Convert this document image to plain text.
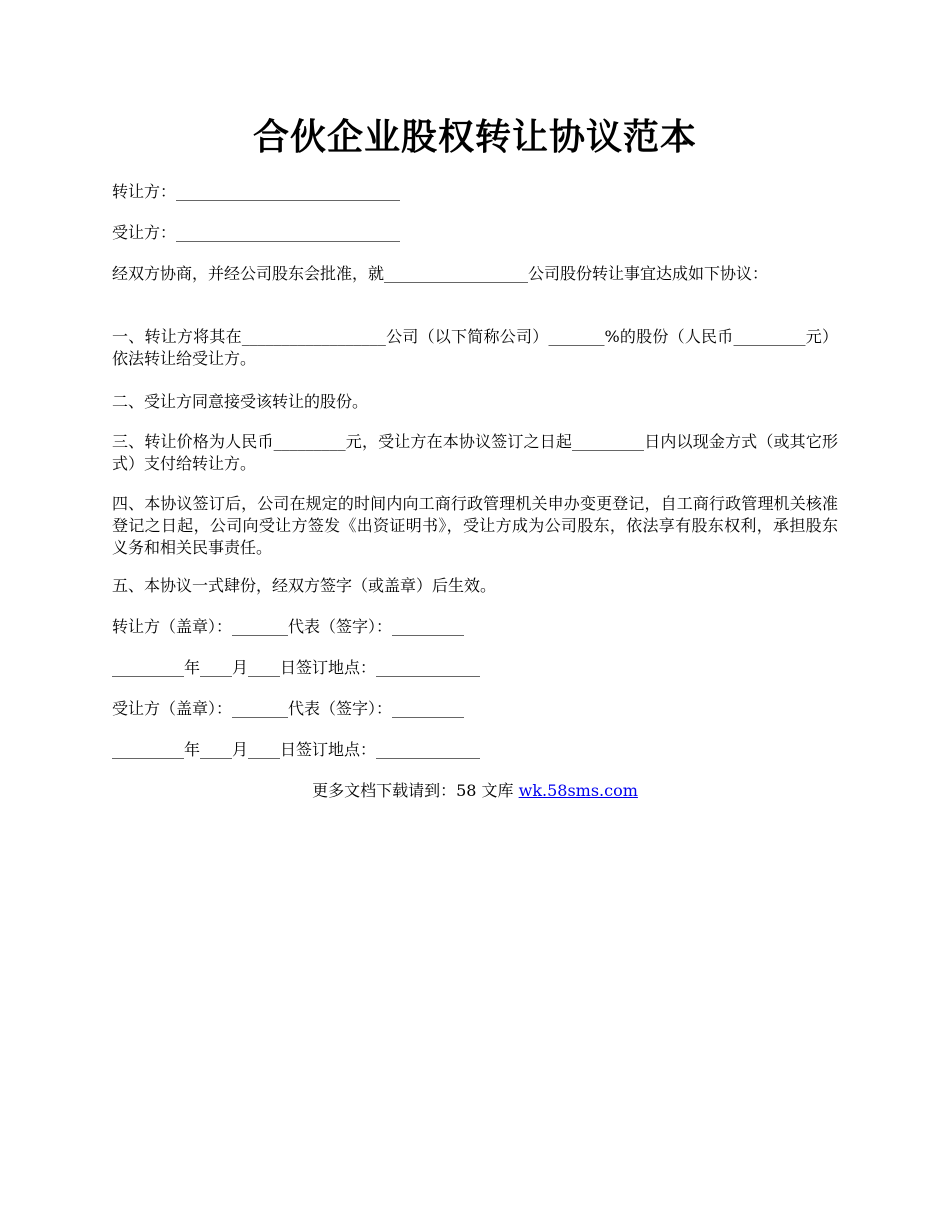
合伙企业股权转让协议范本

转让方：____________________________

受让方：____________________________

经双方协商，并经公司股东会批准，就__________________公司股份转让事宜达成如下协议：

一、转让方将其在__________________公司（以下简称公司）_______%的股份（人民币_________元）依法转让给受让方。

二、受让方同意接受该转让的股份。

三、转让价格为人民币_________元，受让方在本协议签订之日起_________日内以现金方式（或其它形式）支付给转让方。

四、本协议签订后，公司在规定的时间内向工商行政管理机关申办变更登记，自工商行政管理机关核准登记之日起，公司向受让方签发《出资证明书》，受让方成为公司股东，依法享有股东权利，承担股东义务和相关民事责任。

五、本协议一式肆份，经双方签字（或盖章）后生效。

转让方（盖章）：_______代表（签字）：_________

_________年____月____日签订地点：_____________

受让方（盖章）：_______代表（签字）：_________

_________年____月____日签订地点：_____________

更多文档下载请到：58 文库 wk.58sms.com
